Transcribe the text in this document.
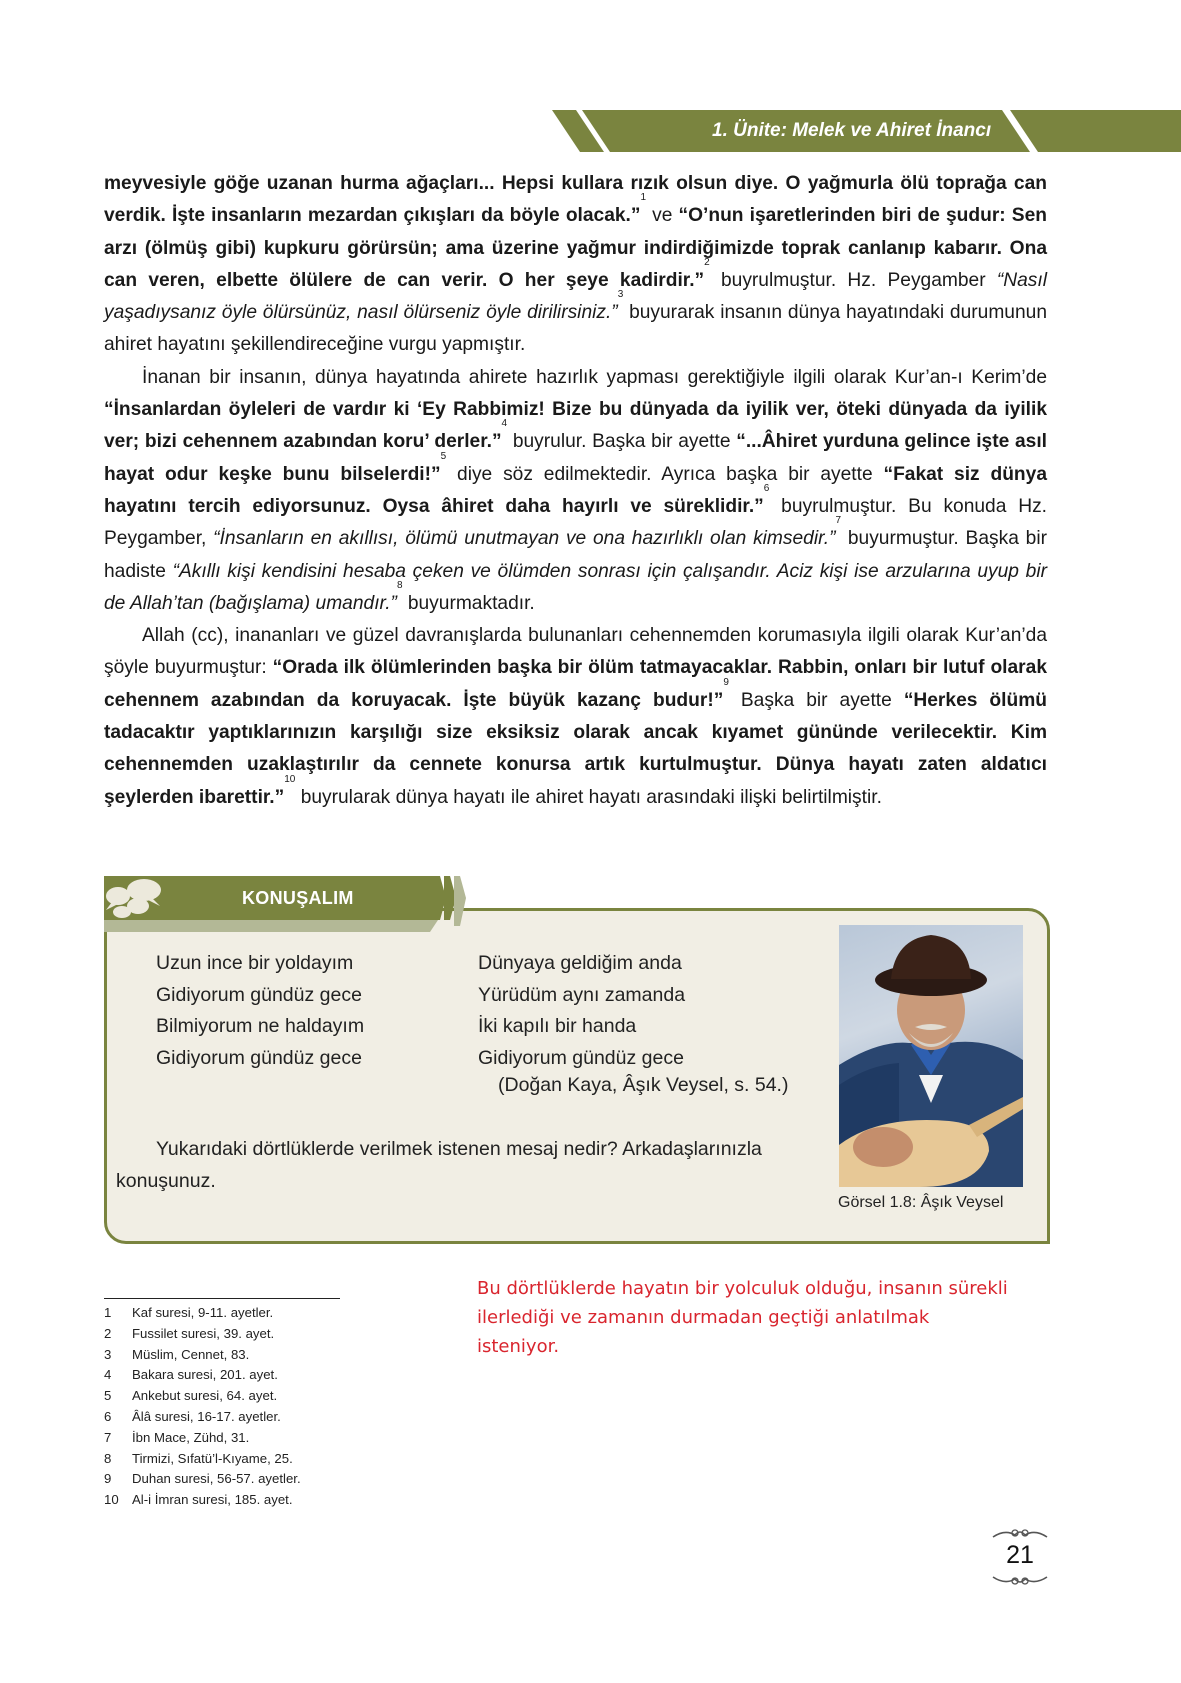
1. Ünite: Melek ve Ahiret İnancı

meyvesiyle göğe uzanan hurma ağaçları... Hepsi kullara rızık olsun diye. O yağmurla ölü toprağa can verdik. İşte insanların mezardan çıkışları da böyle olacak.”$^1$ ve “O’nun işaretlerinden biri de şudur: Sen arzı (ölmüş gibi) kupkuru görürsün; ama üzerine yağmur indirdiğimizde toprak canlanıp kabarır. Ona can veren, elbette ölülere de can verir. O her şeye kadirdir.”$^2$ buyrulmuştur. Hz. Peygamber “Nasıl yaşadıysanız öyle ölürsünüz, nasıl ölürseniz öyle dirilirsiniz.”$^3$ buyurarak insanın dünya hayatındaki durumunun ahiret hayatını şekillendireceğine vurgu yapmıştır.

İnanan bir insanın, dünya hayatında ahirete hazırlık yapması gerektiğiyle ilgili olarak Kur’an-ı Kerim’de “İnsanlardan öyleleri de vardır ki ‘Ey Rabbimiz! Bize bu dünyada da iyilik ver, öteki dünyada da iyilik ver; bizi cehennem azabından koru’ derler.”$^4$ buyrulur. Başka bir ayette “...Âhiret yurduna gelince işte asıl hayat odur keşke bunu bilselerdi!”$^5$ diye söz edilmektedir. Ayrıca başka bir ayette “Fakat siz dünya hayatını tercih ediyorsunuz. Oysa âhiret daha hayırlı ve süreklidir.”$^6$ buyrulmuştur. Bu konuda Hz. Peygamber, “İnsanların en akıllısı, ölümü unutmayan ve ona hazırlıklı olan kimsedir.”$^7$ buyurmuştur. Başka bir hadiste “Akıllı kişi kendisini hesaba çeken ve ölümden sonrası için çalışandır. Aciz kişi ise arzularına uyup bir de Allah’tan (bağışlama) umandır.”$^8$ buyurmaktadır.

Allah (cc), inananları ve güzel davranışlarda bulunanları cehennemden korumasıyla ilgili olarak Kur’an’da şöyle buyurmuştur: “Orada ilk ölümlerinden başka bir ölüm tatmayacaklar. Rabbin, onları bir lutuf olarak cehennem azabından da koruyacak. İşte büyük kazanç budur!”$^9$ Başka bir ayette “Herkes ölümü tadacaktır yaptıklarınızın karşılığı size eksiksiz olarak ancak kıyamet gününde verilecektir. Kim cehennemden uzaklaştırılır da cennete konursa artık kurtulmuştur. Dünya hayatı zaten aldatıcı şeylerden ibarettir.”$^{10}$ buyrularak dünya hayatı ile ahiret hayatı arasındaki ilişki belirtilmiştir.

KONUŞALIM
Uzun ince bir yoldayım
Gidiyorum gündüz gece
Bilmiyorum ne haldayım
Gidiyorum gündüz gece
Dünyaya geldiğim anda
Yürüdüm aynı zamanda
İki kapılı bir handa
Gidiyorum gündüz gece
(Doğan Kaya, Âşık Veysel, s. 54.)
Yukarıdaki dörtlüklerde verilmek istenen mesaj nedir? Arkadaşlarınızla
konuşunuz.
Görsel 1.8: Âşık Veysel
1	Kaf suresi, 9-11. ayetler.
2	Fussilet suresi, 39. ayet.
3	Müslim, Cennet, 83.
4	Bakara suresi, 201. ayet.
5	Ankebut suresi, 64. ayet.
6	Âlâ suresi, 16-17. ayetler.
7	İbn Mace, Zühd, 31.
8	Tirmizi, Sıfatü’l-Kıyame, 25.
9	Duhan suresi, 56-57. ayetler.
10	Al-i İmran suresi, 185. ayet.
Bu dörtlüklerde hayatın bir yolculuk olduğu, insanın sürekli ilerlediği ve zamanın durmadan geçtiği anlatılmak isteniyor.
21
